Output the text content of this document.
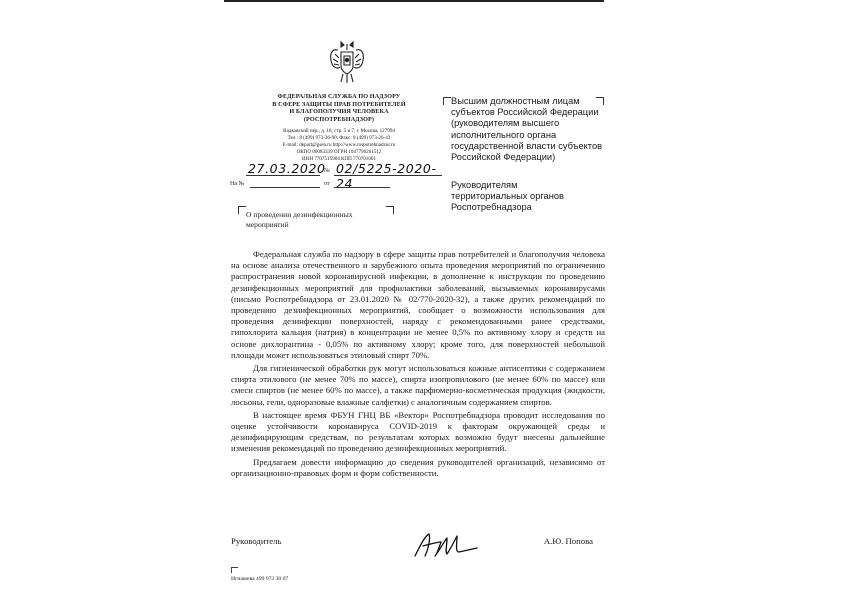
ФЕДЕРАЛЬНАЯ СЛУЖБА ПО НАДЗОРУ
В СФЕРЕ ЗАЩИТЫ ПРАВ ПОТРЕБИТЕЛЕЙ
И БЛАГОПОЛУЧИЯ ЧЕЛОВЕКА
(РОСПОТРЕБНАДЗОР)
Вадковский пер., д. 18, стр. 5 и 7, г. Москва, 127994
Тел.: 8 (499) 973-26-90; Факс: 8 (499) 973-26-43
E-mail: depart@gsen.ru http://www.rospotrebnadzor.ru
ОКПО 00083339 ОГРН 1047796261512
ИНН 7707515984 КПП 770701001
27.03.2020
№ 02/5225-2020-24
На №	от
О проведении дезинфекционных
мероприятий
Высшим должностным лицам
субъектов Российской Федерации
(руководителям высшего
исполнительного органа
государственной власти субъектов
Российской Федерации)
Руководителям
территориальных органов
Роспотребнадзора

Федеральная служба по надзору в сфере защиты прав потребителей и благополучия человека на основе анализа отечественного и зарубежного опыта проведения мероприятий по ограничению распространения новой коронавирусной инфекции, в дополнение к инструкции по проведению дезинфекционных мероприятий для профилактики заболеваний, вызываемых коронавирусами (письмо Роспотребнадзора от 23.01.2020 № 02/770-2020-32), а также других рекомендаций по проведению дезинфекционных мероприятий, сообщает о возможности использования для проведения дезинфекции поверхностей, наряду с рекомендованными ранее средствами, гипохлорита кальция (натрия) в концентрации не менее 0,5% по активному хлору и средств на основе дихлорантина - 0,05% по активному хлору; кроме того, для поверхностей небольшой площади может использоваться этиловый спирт 70%.

Для гигиенической обработки рук могут использоваться кожные антисептики с содержанием спирта этилового (не менее 70% по массе), спирта изопропилового (не менее 60% по массе) или смеси спиртов (не менее 60% по массе), а также парфюмерно-косметическая продукция (жидкости, лосьоны, гели, одноразовые влажные салфетки) с аналогичным содержанием спиртов.

В настоящее время ФБУН ГНЦ ВБ «Вектор» Роспотребнадзора проводит исследования по оценке устойчивости коронавируса COVID-2019 к факторам окружающей среды и дезинфицирующим средствам, по результатам которых возможно будут внесены дальнейшие изменения рекомендаций по проведению дезинфекционных мероприятий.

Предлагаем довести информацию до сведения руководителей организаций, независимо от организационно-правовых форм и форм собственности.

Руководитель	А.Ю. Попова
Игнашева 499 973 30 07
